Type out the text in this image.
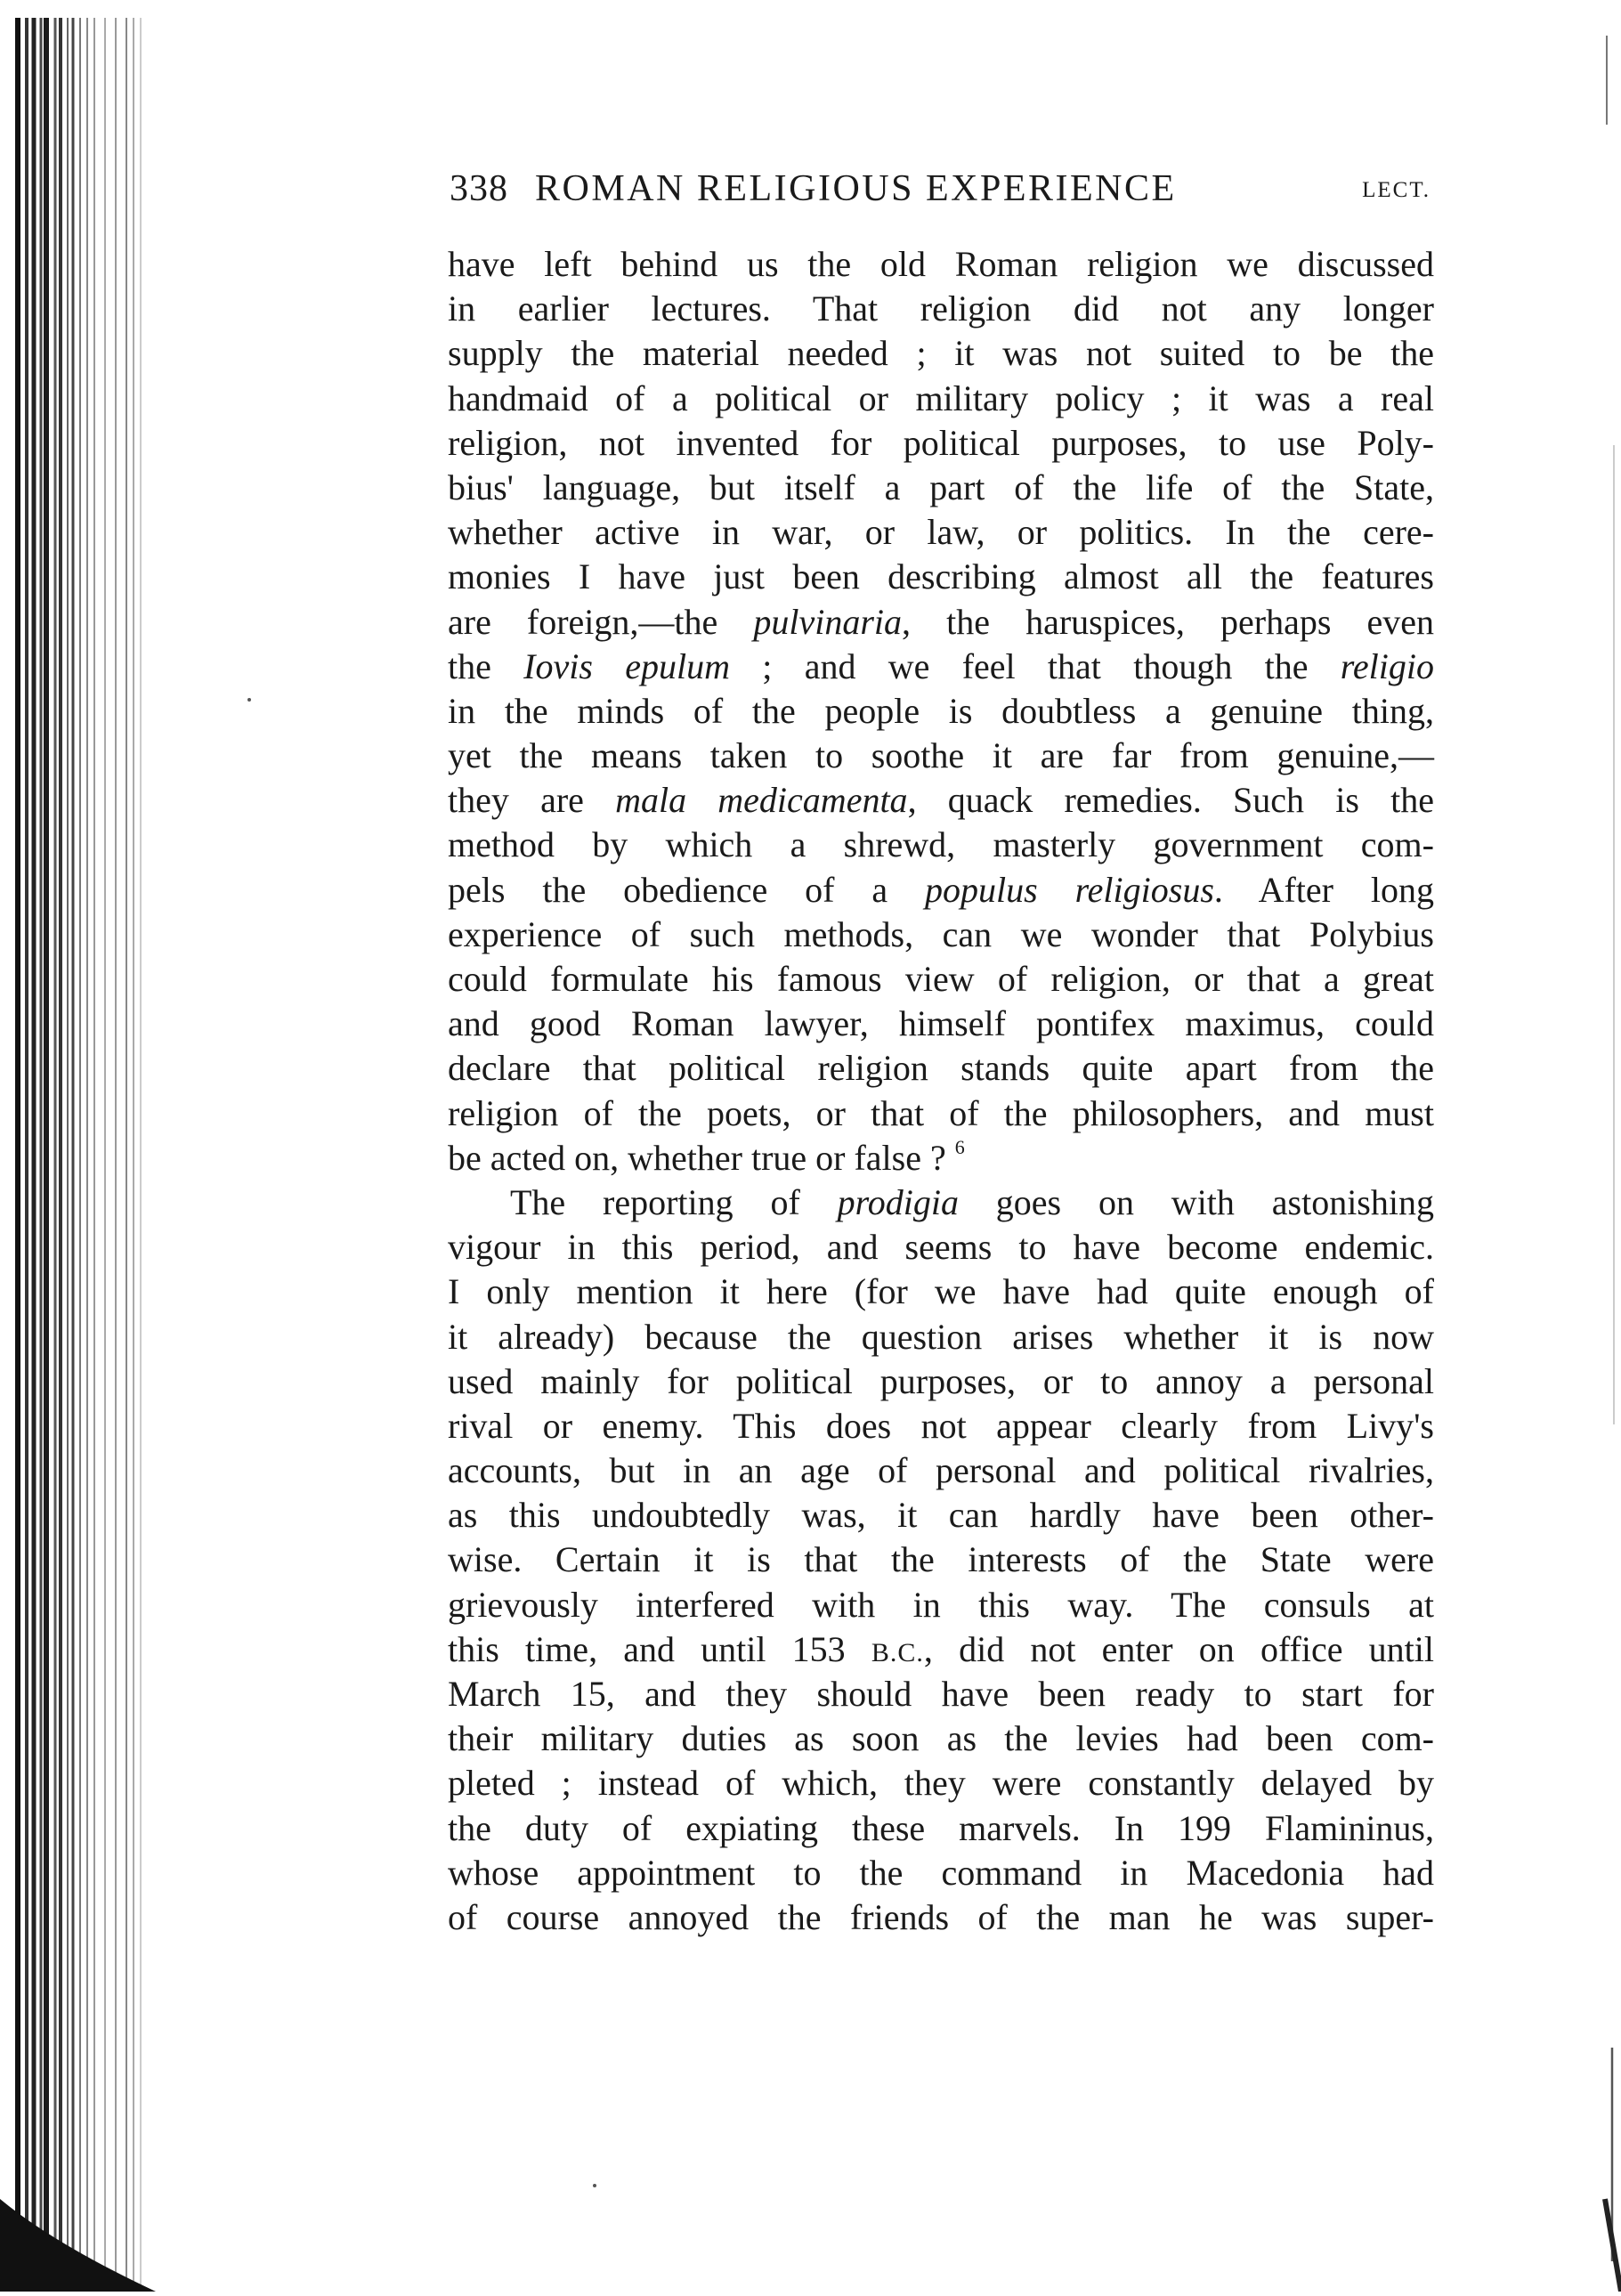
338 ROMAN RELIGIOUS EXPERIENCE	LECT.
have left behind us the old Roman religion we discussed
in earlier lectures. That religion did not any longer
supply the material needed ; it was not suited to be the
handmaid of a political or military policy ; it was a real
religion, not invented for political purposes, to use Poly-
bius' language, but itself a part of the life of the State,
whether active in war, or law, or politics. In the cere-
monies I have just been describing almost all the features
are foreign,—the pulvinaria, the haruspices, perhaps even
the Iovis epulum ; and we feel that though the religio
in the minds of the people is doubtless a genuine thing,
yet the means taken to soothe it are far from genuine,—
they are mala medicamenta, quack remedies. Such is the
method by which a shrewd, masterly government com-
pels the obedience of a populus religiosus. After long
experience of such methods, can we wonder that Polybius
could formulate his famous view of religion, or that a great
and good Roman lawyer, himself pontifex maximus, could
declare that political religion stands quite apart from the
religion of the poets, or that of the philosophers, and must
be acted on, whether true or false ? $^6$
The reporting of prodigia goes on with astonishing
vigour in this period, and seems to have become endemic.
I only mention it here (for we have had quite enough of
it already) because the question arises whether it is now
used mainly for political purposes, or to annoy a personal
rival or enemy. This does not appear clearly from Livy's
accounts, but in an age of personal and political rivalries,
as this undoubtedly was, it can hardly have been other-
wise. Certain it is that the interests of the State were
grievously interfered with in this way. The consuls at
this time, and until 153 B.C., did not enter on office until
March 15, and they should have been ready to start for
their military duties as soon as the levies had been com-
pleted ; instead of which, they were constantly delayed by
the duty of expiating these marvels. In 199 Flamininus,
whose appointment to the command in Macedonia had
of course annoyed the friends of the man he was super-
